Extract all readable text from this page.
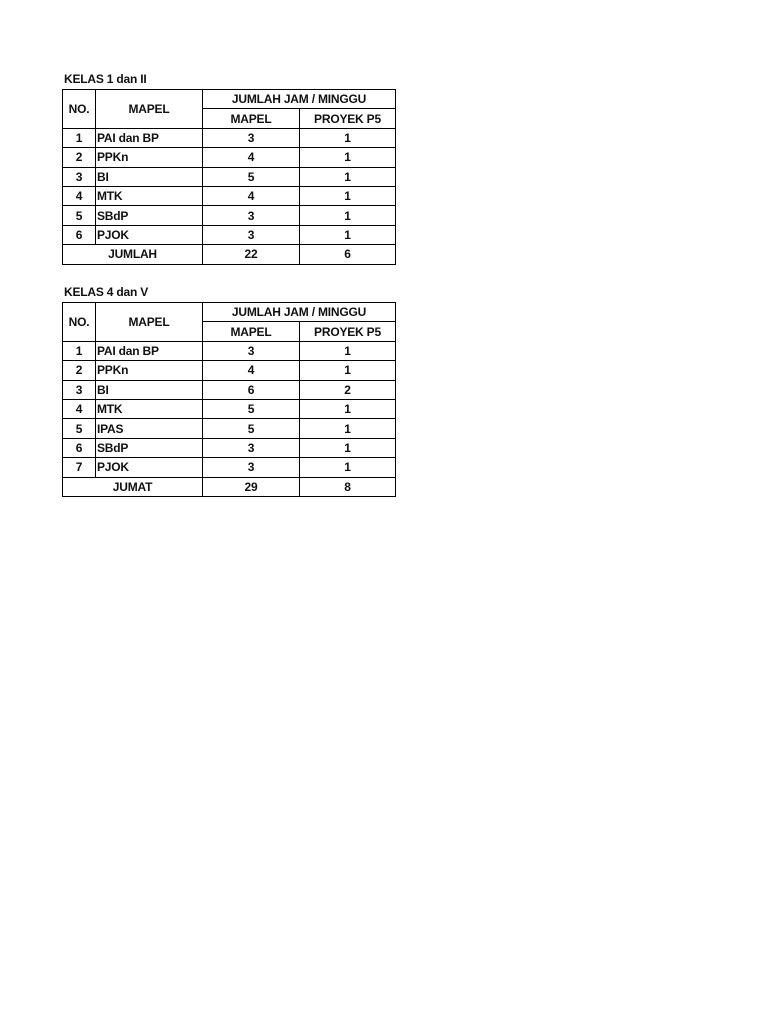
KELAS 1 dan II
NO.	MAPEL	JUMLAH JAM / MINGGU	
		MAPEL	PROYEK P5
1	PAI dan BP	3	1
2	PPKn	4	1
3	BI	5	1
4	MTK	4	1
5	SBdP	3	1
6	PJOK	3	1
JUMLAH		22	6
KELAS 4 dan V
NO.	MAPEL	JUMLAH JAM / MINGGU	
		MAPEL	PROYEK P5
1	PAI dan BP	3	1
2	PPKn	4	1
3	BI	6	2
4	MTK	5	1
5	IPAS	5	1
6	SBdP	3	1
7	PJOK	3	1
JUMAT		29	8
